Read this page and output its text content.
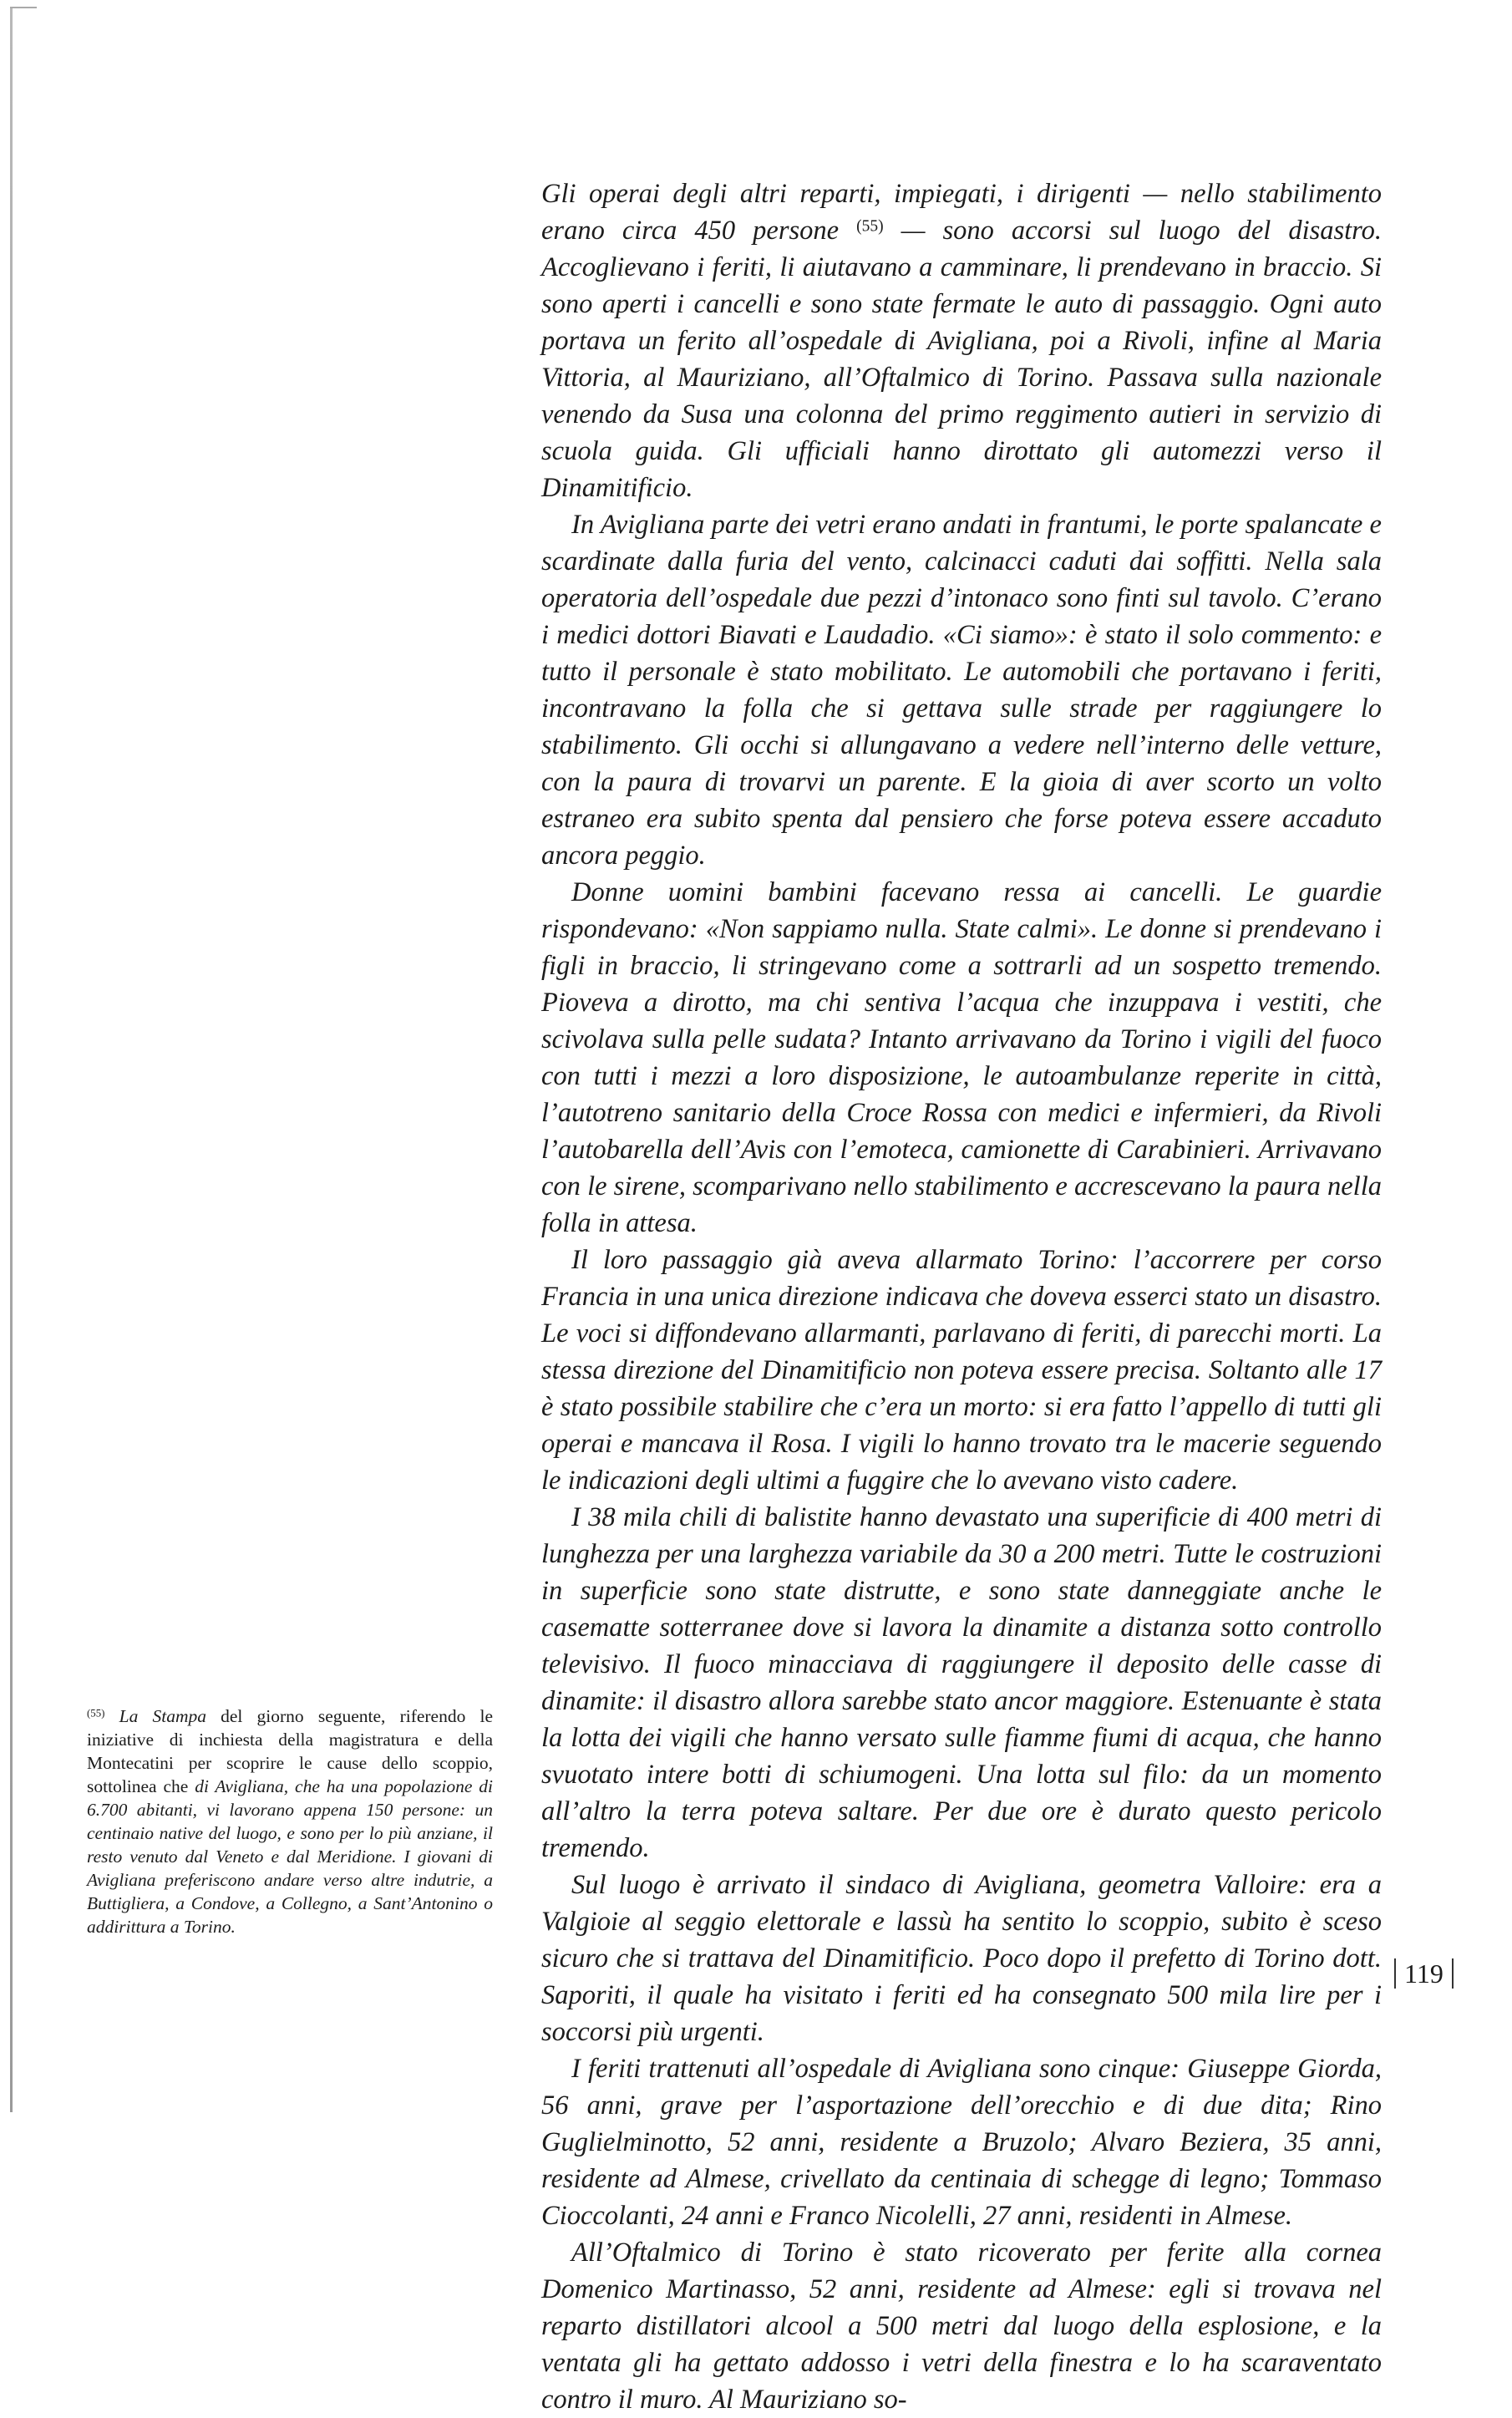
Gli operai degli altri reparti, impiegati, i dirigenti — nello stabilimento erano circa 450 persone $^{(55)}$ — sono accorsi sul luogo del disastro. Accoglievano i feriti, li aiutavano a camminare, li prendevano in braccio. Si sono aperti i cancelli e sono state fermate le auto di passaggio. Ogni auto portava un ferito all’ospedale di Avigliana, poi a Rivoli, infine al Maria Vittoria, al Mauriziano, all’Oftalmico di Torino. Passava sulla nazionale venendo da Susa una colonna del primo reggimento autieri in servizio di scuola guida. Gli ufficiali hanno dirottato gli automezzi verso il Dinamitificio.

In Avigliana parte dei vetri erano andati in frantumi, le porte spalancate e scardinate dalla furia del vento, calcinacci caduti dai soffitti. Nella sala operatoria dell’ospedale due pezzi d’intonaco sono finti sul tavolo. C’erano i medici dottori Biavati e Laudadio. «Ci siamo»: è stato il solo commento: e tutto il personale è stato mobilitato. Le automobili che portavano i feriti, incontravano la folla che si gettava sulle strade per raggiungere lo stabilimento. Gli occhi si allungavano a vedere nell’interno delle vetture, con la paura di trovarvi un parente. E la gioia di aver scorto un volto estraneo era subito spenta dal pensiero che forse poteva essere accaduto ancora peggio.

Donne uomini bambini facevano ressa ai cancelli. Le guardie rispondevano: «Non sappiamo nulla. State calmi». Le donne si prendevano i figli in braccio, li stringevano come a sottrarli ad un sospetto tremendo. Pioveva a dirotto, ma chi sentiva l’acqua che inzuppava i vestiti, che scivolava sulla pelle sudata? Intanto arrivavano da Torino i vigili del fuoco con tutti i mezzi a loro disposizione, le autoambulanze reperite in città, l’autotreno sanitario della Croce Rossa con medici e infermieri, da Rivoli l’autobarella dell’Avis con l’emoteca, camionette di Carabinieri. Arrivavano con le sirene, scomparivano nello stabilimento e accrescevano la paura nella folla in attesa.

Il loro passaggio già aveva allarmato Torino: l’accorrere per corso Francia in una unica direzione indicava che doveva esserci stato un disastro. Le voci si diffondevano allarmanti, parlavano di feriti, di parecchi morti. La stessa direzione del Dinamitificio non poteva essere precisa. Soltanto alle 17 è stato possibile stabilire che c’era un morto: si era fatto l’appello di tutti gli operai e mancava il Rosa. I vigili lo hanno trovato tra le macerie seguendo le indicazioni degli ultimi a fuggire che lo avevano visto cadere.

I 38 mila chili di balistite hanno devastato una superificie di 400 metri di lunghezza per una larghezza variabile da 30 a 200 metri. Tutte le costruzioni in superficie sono state distrutte, e sono state danneggiate anche le casematte sotterranee dove si lavora la dinamite a distanza sotto controllo televisivo. Il fuoco minacciava di raggiungere il deposito delle casse di dinamite: il disastro allora sarebbe stato ancor maggiore. Estenuante è stata la lotta dei vigili che hanno versato sulle fiamme fiumi di acqua, che hanno svuotato intere botti di schiumogeni. Una lotta sul filo: da un momento all’altro la terra poteva saltare. Per due ore è durato questo pericolo tremendo.

Sul luogo è arrivato il sindaco di Avigliana, geometra Valloire: era a Valgioie al seggio elettorale e lassù ha sentito lo scoppio, subito è sceso sicuro che si trattava del Dinamitificio. Poco dopo il prefetto di Torino dott. Saporiti, il quale ha visitato i feriti ed ha consegnato 500 mila lire per i soccorsi più urgenti.

I feriti trattenuti all’ospedale di Avigliana sono cinque: Giuseppe Giorda, 56 anni, grave per l’asportazione dell’orecchio e di due dita; Rino Guglielminotto, 52 anni, residente a Bruzolo; Alvaro Beziera, 35 anni, residente ad Almese, crivellato da centinaia di schegge di legno; Tommaso Cioccolanti, 24 anni e Franco Nicolelli, 27 anni, residenti in Almese.

All’Oftalmico di Torino è stato ricoverato per ferite alla cornea Domenico Martinasso, 52 anni, residente ad Almese: egli si trovava nel reparto distillatori alcool a 500 metri dal luogo della esplosione, e la ventata gli ha gettato addosso i vetri della finestra e lo ha scaraventato contro il muro. Al Mauriziano so-

$^{(55)}$ La Stampa del giorno seguente, riferendo le iniziative di inchiesta della magistratura e della Montecatini per scoprire le cause dello scoppio, sottolinea che di Avigliana, che ha una popolazione di 6.700 abitanti, vi lavorano appena 150 persone: un centinaio native del luogo, e sono per lo più anziane, il resto venuto dal Veneto e dal Meridione. I giovani di Avigliana preferiscono andare verso altre indutrie, a Buttigliera, a Condove, a Collegno, a Sant’Antonino o addirittura a Torino.
119
